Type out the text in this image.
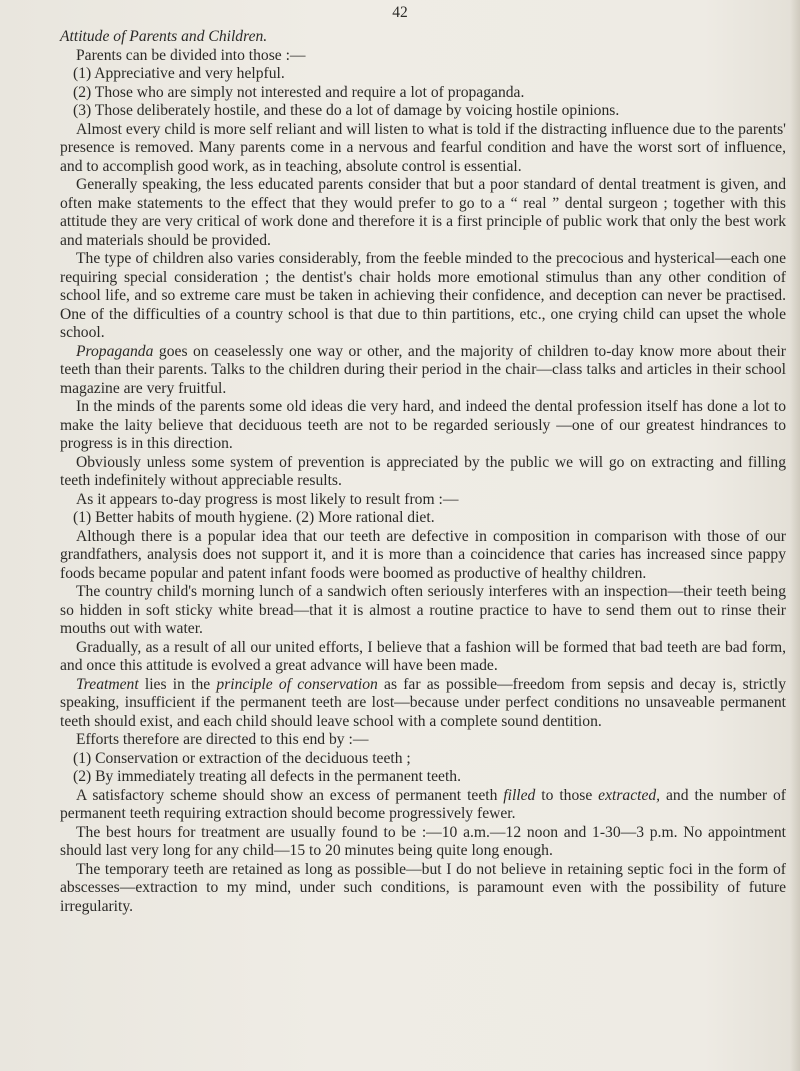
42

Attitude of Parents and Children.

Parents can be divided into those :—

(1) Appreciative and very helpful.

(2) Those who are simply not interested and require a lot of propaganda.

(3) Those deliberately hostile, and these do a lot of damage by voicing hostile opinions.

Almost every child is more self reliant and will listen to what is told if the distracting influence due to the parents' presence is removed. Many parents come in a nervous and fearful condition and have the worst sort of influence, and to accomplish good work, as in teaching, absolute control is essential.

Generally speaking, the less educated parents consider that but a poor standard of dental treatment is given, and often make statements to the effect that they would prefer to go to a “ real ” dental surgeon ; together with this attitude they are very critical of work done and therefore it is a first principle of public work that only the best work and materials should be provided.

The type of children also varies considerably, from the feeble minded to the precocious and hysterical—each one requiring special consideration ; the dentist's chair holds more emotional stimulus than any other condition of school life, and so extreme care must be taken in achieving their confidence, and deception can never be practised. One of the difficulties of a country school is that due to thin partitions, etc., one crying child can upset the whole school.

Propaganda goes on ceaselessly one way or other, and the majority of children to-day know more about their teeth than their parents. Talks to the children during their period in the chair—class talks and articles in their school magazine are very fruitful.

In the minds of the parents some old ideas die very hard, and indeed the dental profession itself has done a lot to make the laity believe that deciduous teeth are not to be regarded seriously —one of our greatest hindrances to progress is in this direction.

Obviously unless some system of prevention is appreciated by the public we will go on extracting and filling teeth indefinitely without appreciable results.

As it appears to-day progress is most likely to result from :—

(1) Better habits of mouth hygiene. (2) More rational diet.

Although there is a popular idea that our teeth are defective in composition in comparison with those of our grandfathers, analysis does not support it, and it is more than a coincidence that caries has increased since pappy foods became popular and patent infant foods were boomed as productive of healthy children.

The country child's morning lunch of a sandwich often seriously interferes with an inspection—their teeth being so hidden in soft sticky white bread—that it is almost a routine practice to have to send them out to rinse their mouths out with water.

Gradually, as a result of all our united efforts, I believe that a fashion will be formed that bad teeth are bad form, and once this attitude is evolved a great advance will have been made.

Treatment lies in the principle of conservation as far as possible—freedom from sepsis and decay is, strictly speaking, insufficient if the permanent teeth are lost—because under perfect conditions no unsaveable permanent teeth should exist, and each child should leave school with a complete sound dentition.

Efforts therefore are directed to this end by :—

(1) Conservation or extraction of the deciduous teeth ;

(2) By immediately treating all defects in the permanent teeth.

A satisfactory scheme should show an excess of permanent teeth filled to those extracted, and the number of permanent teeth requiring extraction should become progressively fewer.

The best hours for treatment are usually found to be :—10 a.m.—12 noon and 1-30—3 p.m. No appointment should last very long for any child—15 to 20 minutes being quite long enough.

The temporary teeth are retained as long as possible—but I do not believe in retaining septic foci in the form of abscesses—extraction to my mind, under such conditions, is paramount even with the possibility of future irregularity.
